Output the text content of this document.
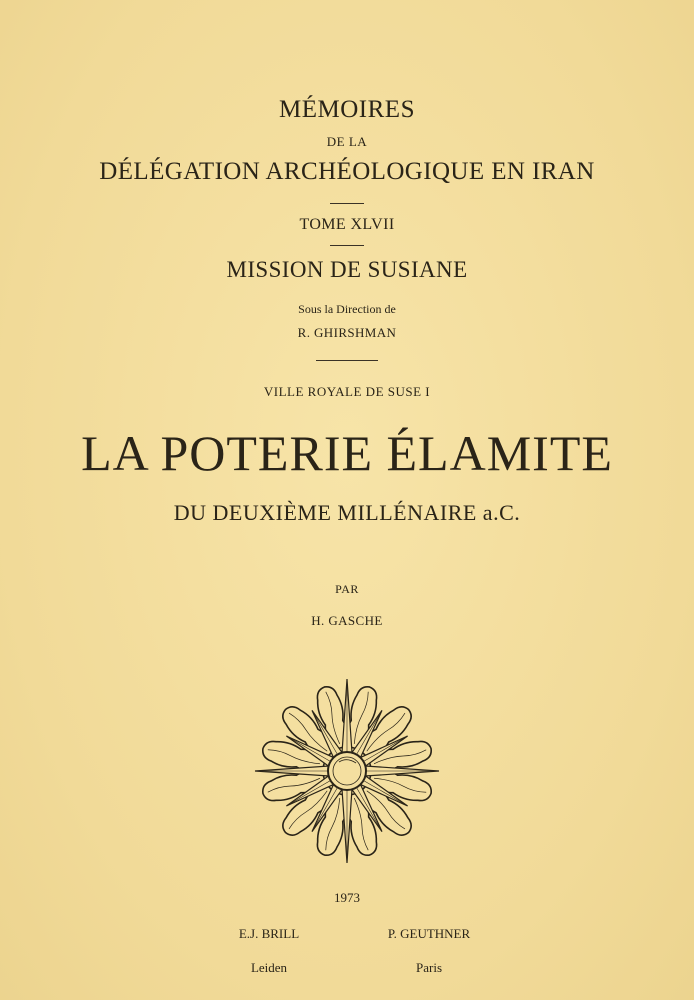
MÉMOIRES
DE LA
DÉLÉGATION ARCHÉOLOGIQUE EN IRAN
TOME XLVII
MISSION DE SUSIANE
Sous la Direction de
R. GHIRSHMAN
VILLE ROYALE DE SUSE I
LA POTERIE ÉLAMITE
DU DEUXIÈME MILLÉNAIRE a.C.
PAR
H. GASCHE
1973
E.J. BRILL
Leiden
P. GEUTHNER
Paris
